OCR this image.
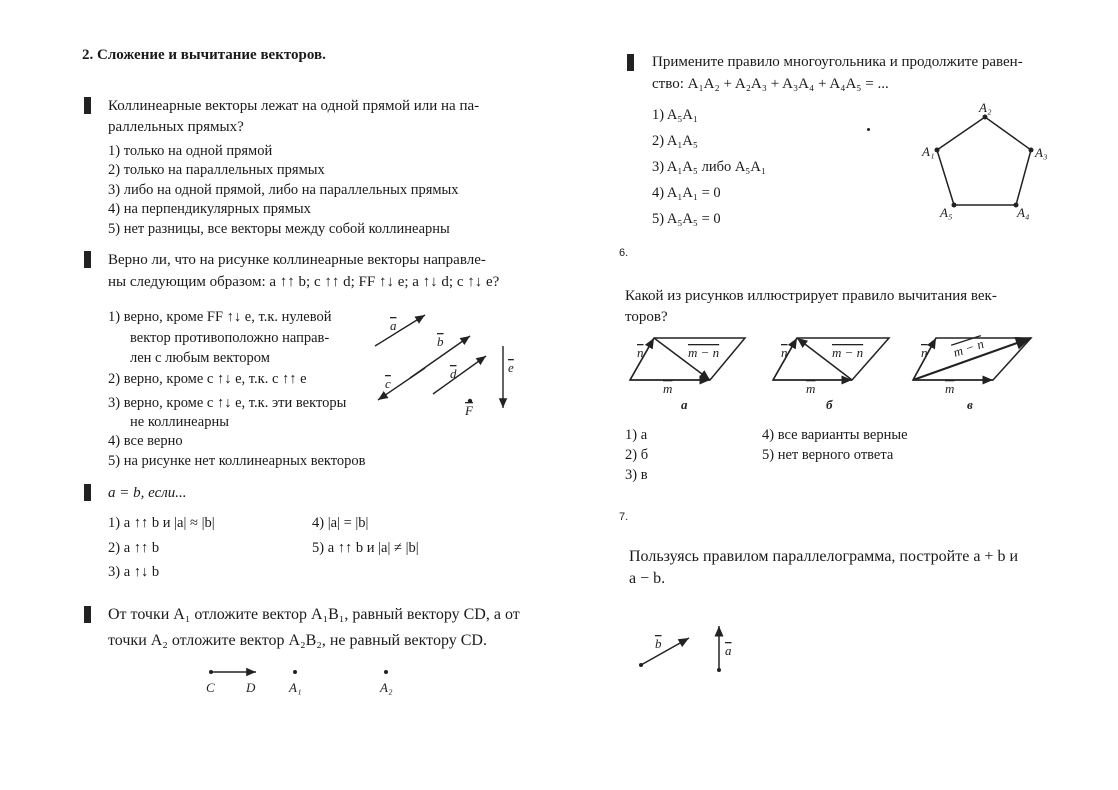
2. Сложение и вычитание векторов.
Коллинеарные векторы лежат на одной прямой или на па-
раллельных прямых?
1) только на одной прямой
2) только на параллельных прямых
3) либо на одной прямой, либо на параллельных прямых
4) на перпендикулярных прямых
5) нет разницы, все векторы между собой коллинеарны
Верно ли, что на рисунке коллинеарные векторы направле-
ны следующим образом: a ↑↑ b; c ↑↑ d; FF ↑↓ e; a ↑↓ d; c ↑↓ e?
1) верно, кроме FF ↑↓ e, т.к. нулевой
вектор противоположно направ-
лен с любым вектором
2) верно, кроме c ↑↓ e, т.к. c ↑↑ e
3) верно, кроме c ↑↓ e, т.к. эти векторы
не коллинеарны
4) все верно
5) на рисунке нет коллинеарных векторов
a
b
c
d	e
F
a = b, если...
1) a ↑↑ b и |a| ≈ |b|
2) a ↑↑ b
3) a ↑↓ b
4) |a| = |b|
5) a ↑↑ b и |a| ≠ |b|
От точки A₁ отложите вектор A₁B₁, равный вектору CD, а от
точки A₂ отложите вектор A₂B₂, не равный вектору CD.
C D	A₁	A₂
Примените правило многоугольника и продолжите равен-
ство: A₁A₂ + A₂A₃ + A₃A₄ + A₄A₅ = ...
1) A₅A₁
2) A₁A₅
3) A₁A₅ либо A₅A₁
4) A₁A₁ = 0
5) A₅A₅ = 0
A₁
A₂
A₃
A₄
A₅
6.
Какой из рисунков иллюстрирует правило вычитания век-
торов?
n	m − n
m
а
n	m − n
m
б
n m − n
m
в
1) а
2) б
3) в
4) все варианты верные
5) нет верного ответа
7.
Пользуясь правилом параллелограмма, постройте a + b и
a − b.
b	a
